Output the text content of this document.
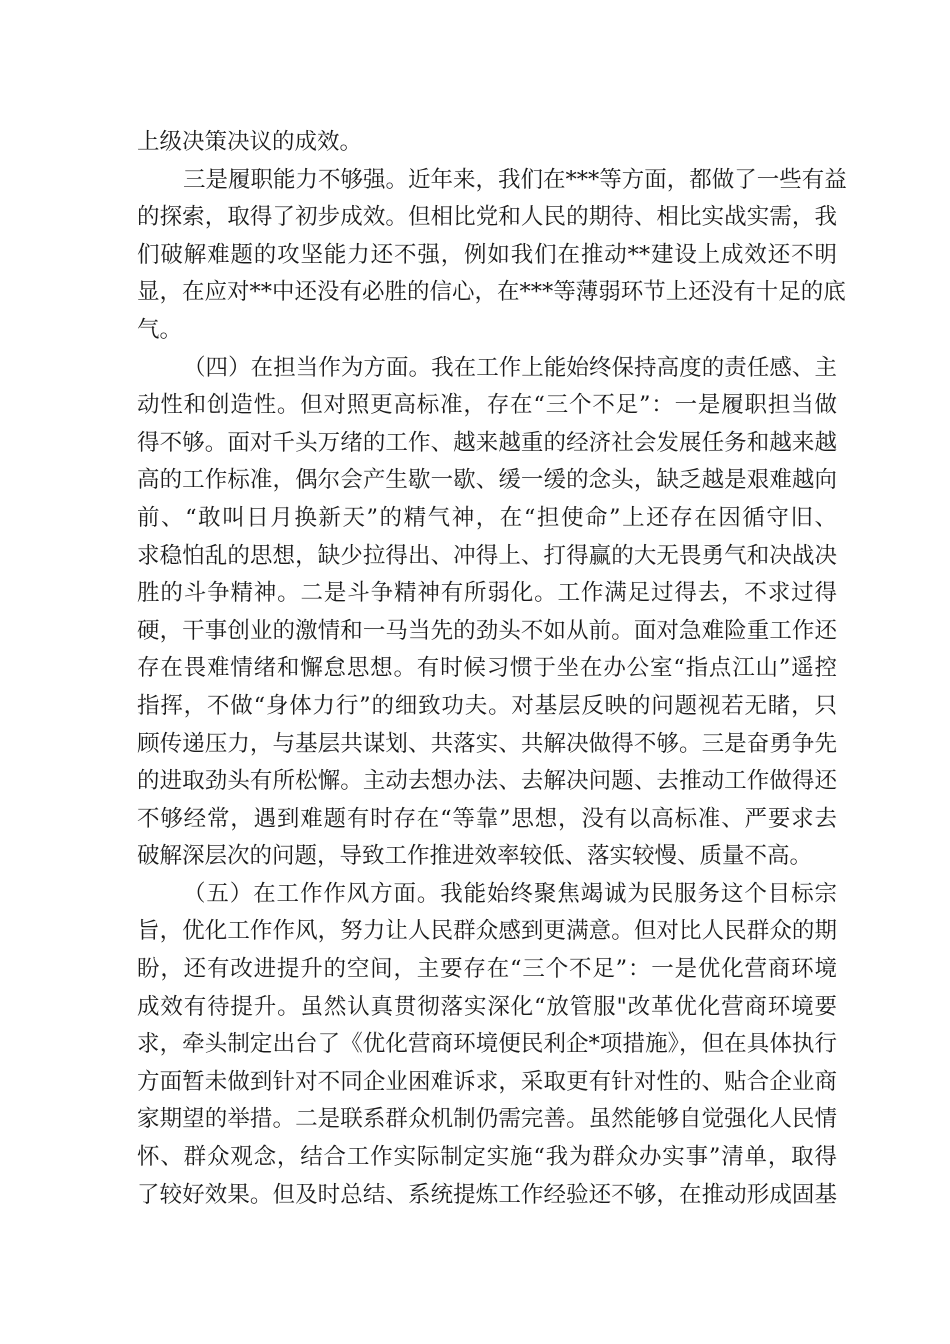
上级决策决议的成效。
三是履职能力不够强。近年来，我们在***等方面，都做了一些有益
的探索，取得了初步成效。但相比党和人民的期待、相比实战实需，我
们破解难题的攻坚能力还不强，例如我们在推动**建设上成效还不明
显，在应对**中还没有必胜的信心，在***等薄弱环节上还没有十足的底
气。
（四）在担当作为方面。我在工作上能始终保持高度的责任感、主
动性和创造性。但对照更高标准，存在“三个不足”：一是履职担当做
得不够。面对千头万绪的工作、越来越重的经济社会发展任务和越来越
高的工作标准，偶尔会产生歇一歇、缓一缓的念头，缺乏越是艰难越向
前、“敢叫日月换新天”的精气神，在“担使命”上还存在因循守旧、
求稳怕乱的思想，缺少拉得出、冲得上、打得赢的大无畏勇气和决战决
胜的斗争精神。二是斗争精神有所弱化。工作满足过得去，不求过得
硬，干事创业的激情和一马当先的劲头不如从前。面对急难险重工作还
存在畏难情绪和懈怠思想。有时候习惯于坐在办公室“指点江山”遥控
指挥，不做“身体力行”的细致功夫。对基层反映的问题视若无睹，只
顾传递压力，与基层共谋划、共落实、共解决做得不够。三是奋勇争先
的进取劲头有所松懈。主动去想办法、去解决问题、去推动工作做得还
不够经常，遇到难题有时存在“等靠”思想，没有以高标准、严要求去
破解深层次的问题，导致工作推进效率较低、落实较慢、质量不高。
（五）在工作作风方面。我能始终聚焦竭诚为民服务这个目标宗
旨，优化工作作风，努力让人民群众感到更满意。但对比人民群众的期
盼，还有改进提升的空间，主要存在“三个不足”：一是优化营商环境
成效有待提升。虽然认真贯彻落实深化“放管服"改革优化营商环境要
求，牵头制定出台了《优化营商环境便民利企*项措施》，但在具体执行
方面暂未做到针对不同企业困难诉求，采取更有针对性的、贴合企业商
家期望的举措。二是联系群众机制仍需完善。虽然能够自觉强化人民情
怀、群众观念，结合工作实际制定实施“我为群众办实事”清单，取得
了较好效果。但及时总结、系统提炼工作经验还不够，在推动形成固基
